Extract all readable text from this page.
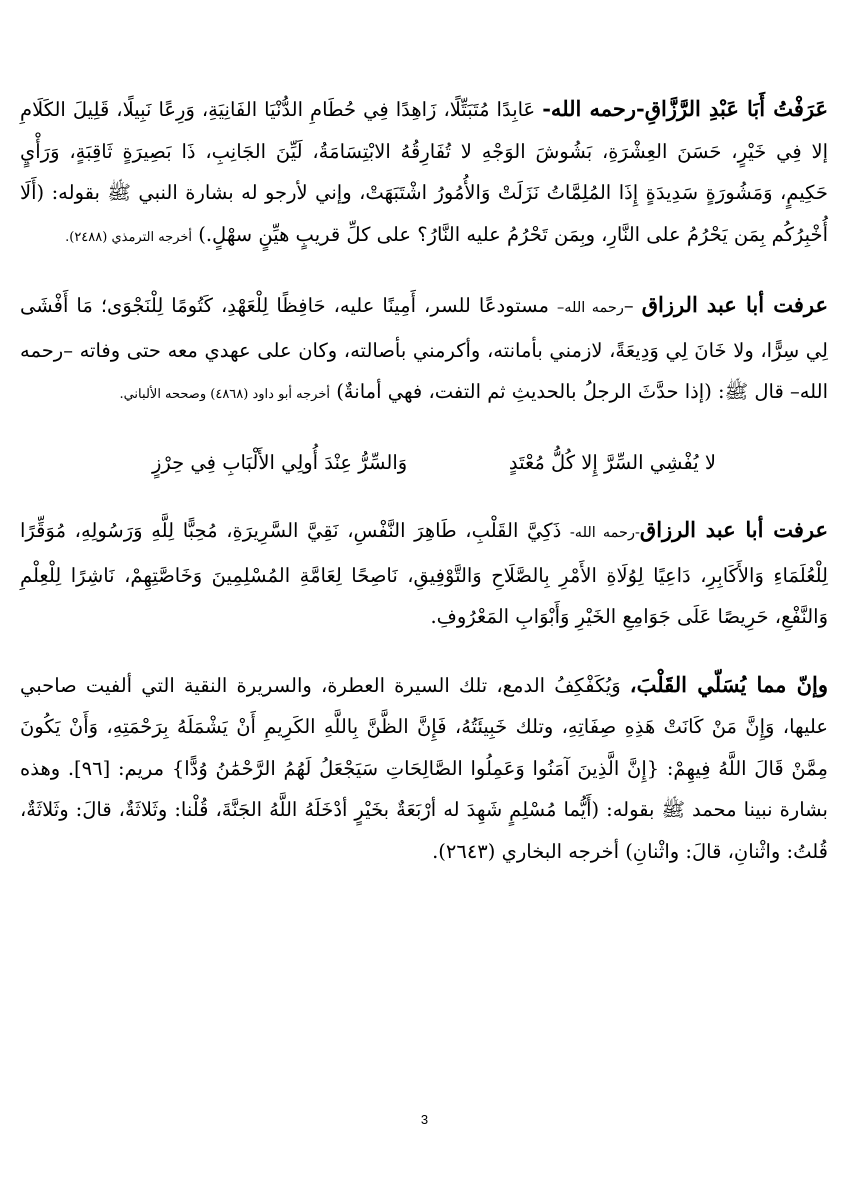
عَرَفْتُ أَبَا عَبْدِ الرَّزَّاقِ-رحمه الله- عَابِدًا مُتَبَتِّلًا، زَاهِدًا فِي حُطَامِ الدُّنْيَا الفَانِيَةِ، وَرِعًا نَبِيلًا، قَلِيلَ الكَلَامِ إلا فِي خَيْرٍ، حَسَنَ العِشْرَةِ، بَشُوشَ الوَجْهِ لا تُفَارِقُهُ الابْتِسَامَةُ، لَيِّنَ الجَانِبِ، ذَا بَصِيرَةٍ ثَاقِبَةٍ، وَرَأْيٍ حَكِيمٍ، وَمَشُورَةٍ سَدِيدَةٍ إِذَا المُلِمَّاتُ نَزَلَتْ وَالأُمُورُ اشْتَبَهَتْ، وإني لأرجو له بشارة النبي ﷺ بقوله: (أَلَا أُخْبِرُكُم بِمَن يَحْرُمُ على النَّارِ، وبِمَن تَحْرُمُ عليه النَّارُ؟ على كلِّ قريبٍ هيِّنٍ سهْلٍ.) أخرجه الترمذي (٢٤٨٨).

عرفت أبا عبد الرزاق –رحمه الله– مستودعًا للسر، أَمِينًا عليه، حَافِظًا لِلْعَهْدِ، كَتُومًا لِلْنَجْوَى؛ مَا أَفْشَى لِي سِرًّا، ولا خَانَ لِي وَدِيعَةً، لازمني بأمانته، وأكرمني بأصالته، وكان على عهدي معه حتى وفاته –رحمه الله– قال ﷺ: (إذا حدَّثَ الرجلُ بالحديثِ ثم التفت، فهي أمانةٌ) أخرجه أبو داود (٤٨٦٨) وصححه الألباني.

لا يُفْشِي السِّرَّ إِلا كُلُّ مُعْتَدٍ
وَالسِّرُّ عِنْدَ أُولِي الأَلْبَابِ فِي حِرْزٍ

عرفت أبا عبد الرزاق-رحمه الله- ذَكِيَّ القَلْبِ، طَاهِرَ النَّفْسِ، نَقِيَّ السَّرِيرَةِ، مُحِبًّا لِلَّهِ وَرَسُولِهِ، مُوَقِّرًا لِلْعُلَمَاءِ وَالأَكَابِرِ، دَاعِيًا لِوُلَاةِ الأَمْرِ بِالصَّلَاحِ وَالتَّوْفِيقِ، نَاصِحًا لِعَامَّةِ المُسْلِمِينَ وَخَاصَّتِهِمْ، نَاشِرًا لِلْعِلْمِ وَالنَّفْعِ، حَرِيصًا عَلَى جَوَامِعِ الخَيْرِ وَأَبْوَابِ المَعْرُوفِ.

وإنّ مما يُسَلّي القَلْبَ، وَيُكَفْكِفُ الدمع، تلك السيرة العطرة، والسريرة النقية التي ألفيت صاحبي عليها، وَإِنَّ مَنْ كَانَتْ هَذِهِ صِفَاتِهِ، وتلك خَبِيئَتُهُ، فَإِنَّ الظَّنَّ بِاللَّهِ الكَرِيمِ أَنْ يَشْمَلَهُ بِرَحْمَتِهِ، وَأَنْ يَكُونَ مِمَّنْ قَالَ اللَّهُ فِيهِمْ: {إِنَّ الَّذِينَ آمَنُوا وَعَمِلُوا الصَّالِحَاتِ سَيَجْعَلُ لَهُمُ الرَّحْمَٰنُ وُدًّا} مريم: [٩٦]. وهذه بشارة نبينا محمد ﷺ بقوله: (أَيُّما مُسْلِمٍ شَهِدَ له أرْبَعَةٌ بخَيْرٍ أدْخَلَهُ اللَّهُ الجَنَّةَ، قُلْنا: وثَلاثَةٌ، قالَ: وثَلاثَةٌ، قُلتُ: واثْنانِ، قالَ: واثْنانِ) أخرجه البخاري (٢٦٤٣).

3
